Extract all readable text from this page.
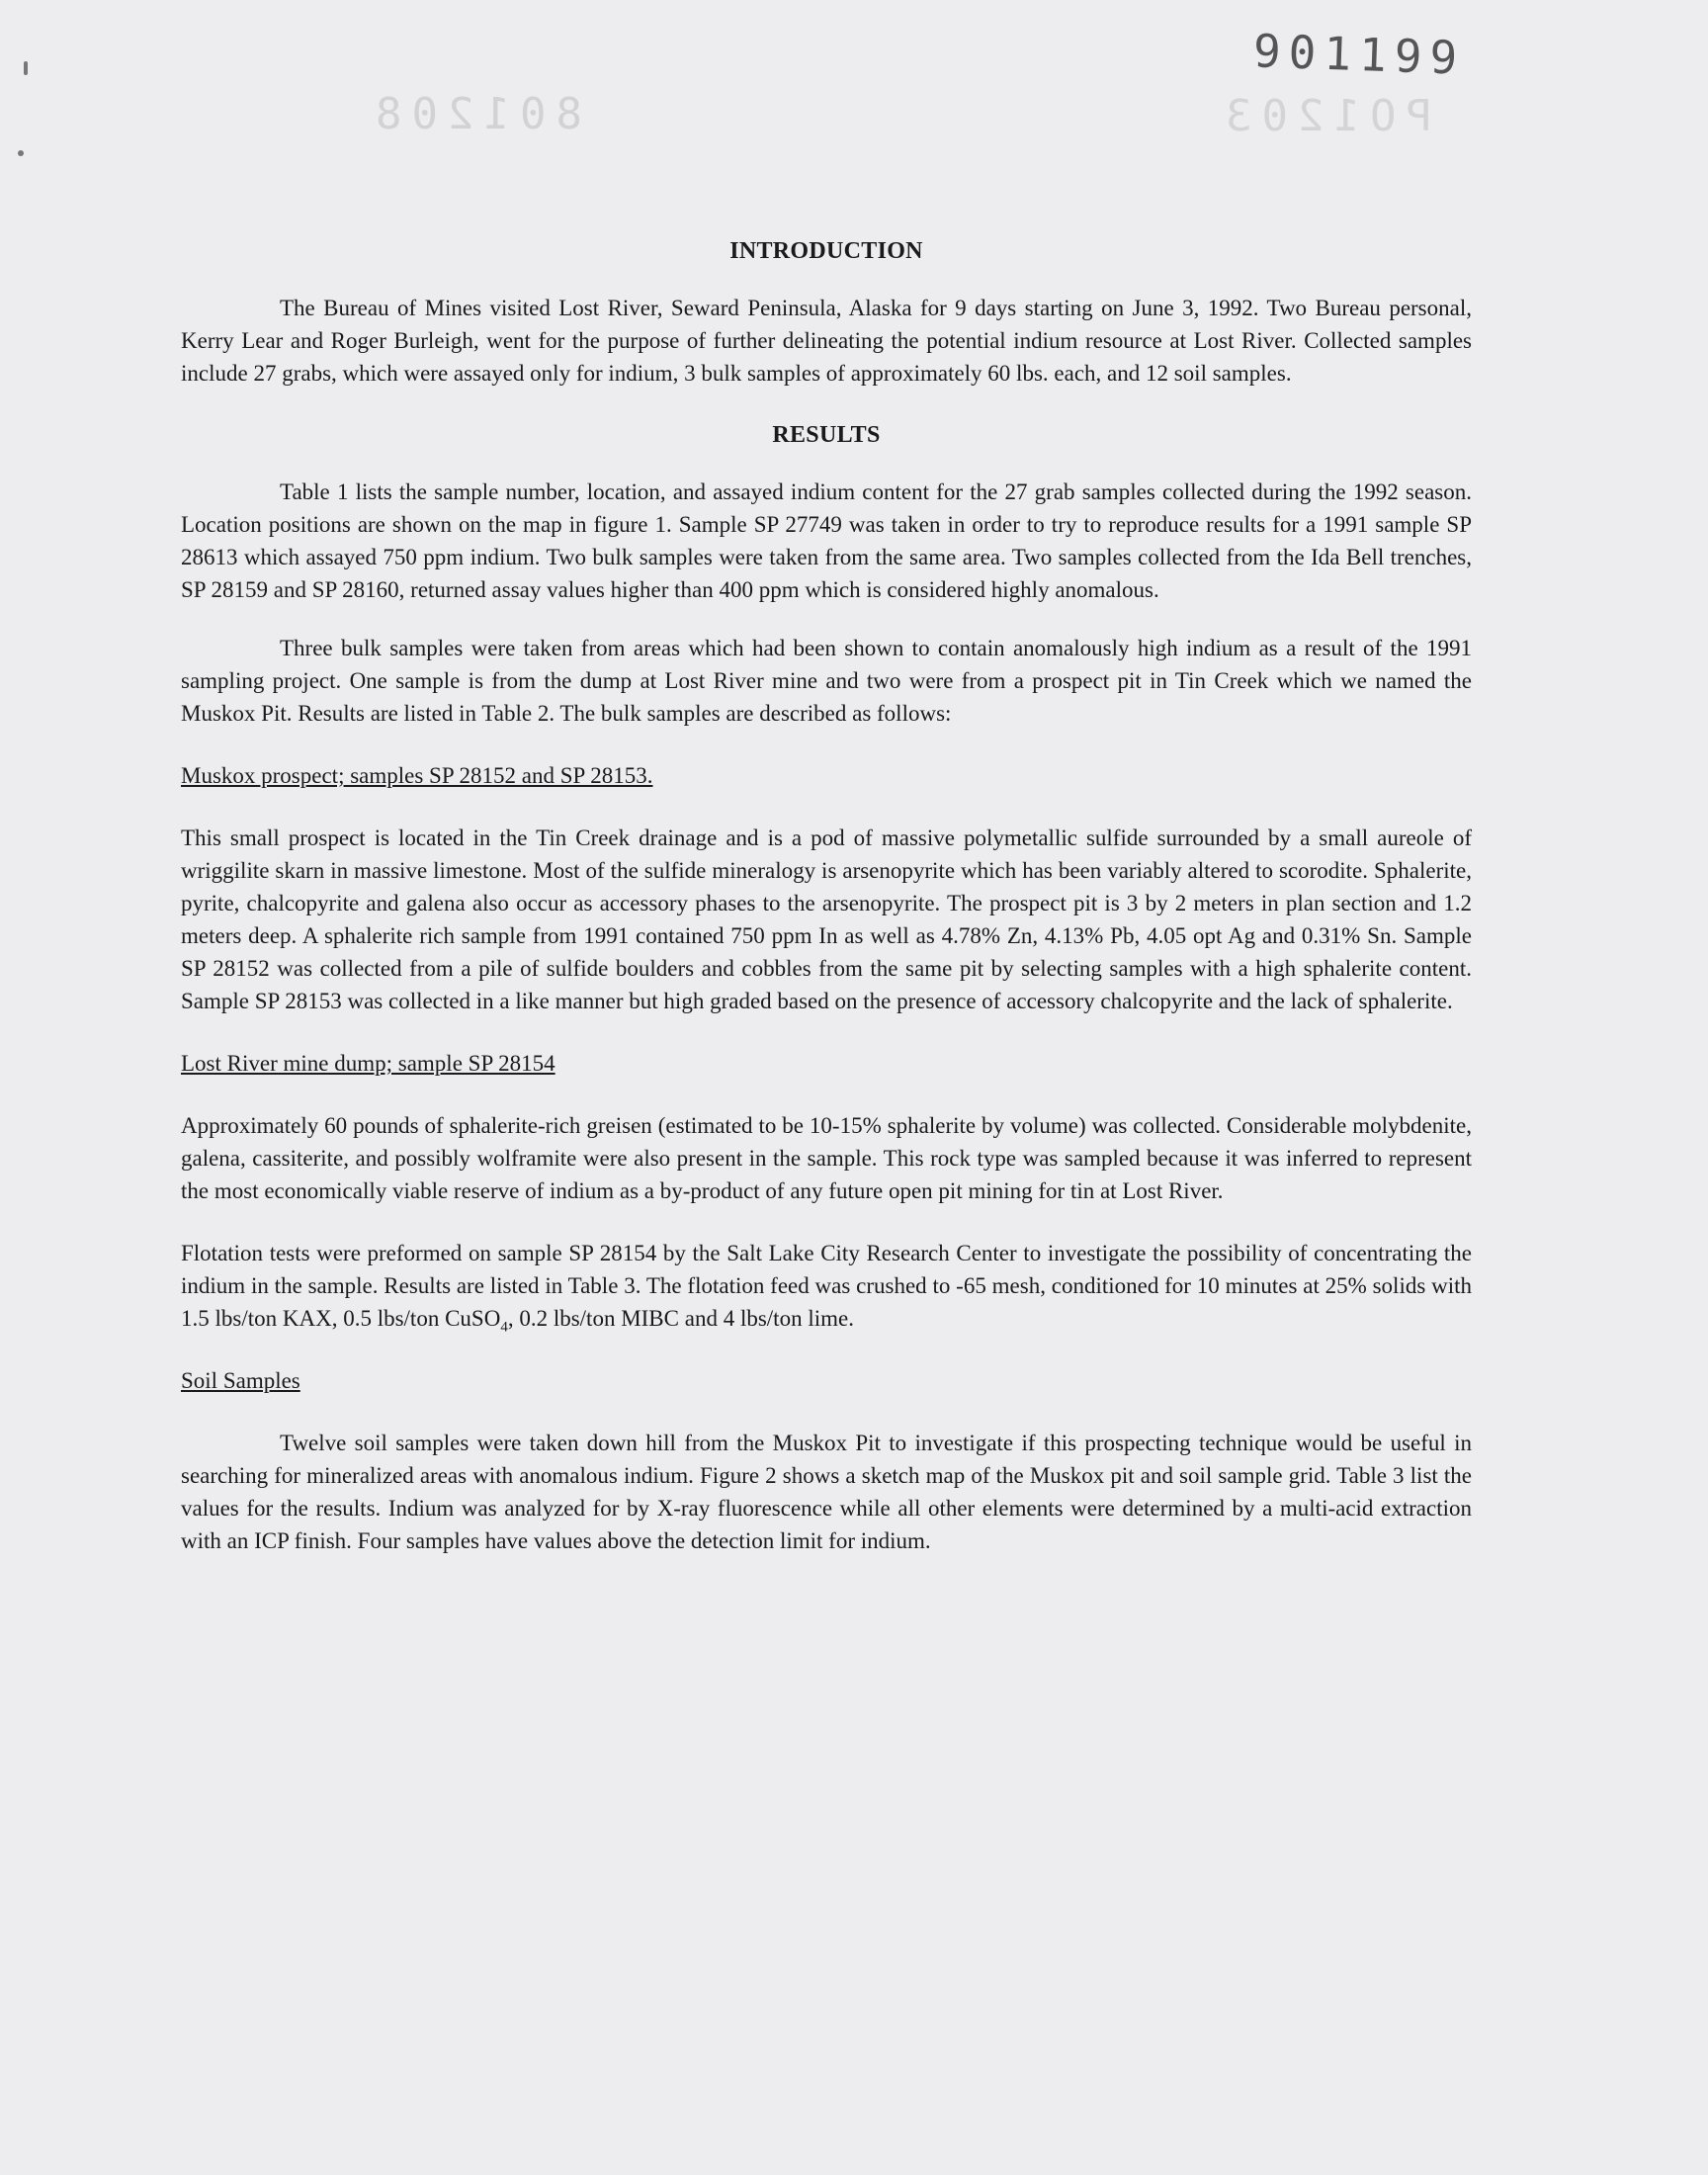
801208	PO1203
901199
INTRODUCTION

The Bureau of Mines visited Lost River, Seward Peninsula, Alaska for 9 days starting on June 3, 1992. Two Bureau personal, Kerry Lear and Roger Burleigh, went for the purpose of further delineating the potential indium resource at Lost River. Collected samples include 27 grabs, which were assayed only for indium, 3 bulk samples of approximately 60 lbs. each, and 12 soil samples.

RESULTS

Table 1 lists the sample number, location, and assayed indium content for the 27 grab samples collected during the 1992 season. Location positions are shown on the map in figure 1. Sample SP 27749 was taken in order to try to reproduce results for a 1991 sample SP 28613 which assayed 750 ppm indium. Two bulk samples were taken from the same area. Two samples collected from the Ida Bell trenches, SP 28159 and SP 28160, returned assay values higher than 400 ppm which is considered highly anomalous.

Three bulk samples were taken from areas which had been shown to contain anomalously high indium as a result of the 1991 sampling project. One sample is from the dump at Lost River mine and two were from a prospect pit in Tin Creek which we named the Muskox Pit. Results are listed in Table 2. The bulk samples are described as follows:

Muskox prospect; samples SP 28152 and SP 28153.

This small prospect is located in the Tin Creek drainage and is a pod of massive polymetallic sulfide surrounded by a small aureole of wriggilite skarn in massive limestone. Most of the sulfide mineralogy is arsenopyrite which has been variably altered to scorodite. Sphalerite, pyrite, chalcopyrite and galena also occur as accessory phases to the arsenopyrite. The prospect pit is 3 by 2 meters in plan section and 1.2 meters deep. A sphalerite rich sample from 1991 contained 750 ppm In as well as 4.78% Zn, 4.13% Pb, 4.05 opt Ag and 0.31% Sn. Sample SP 28152 was collected from a pile of sulfide boulders and cobbles from the same pit by selecting samples with a high sphalerite content. Sample SP 28153 was collected in a like manner but high graded based on the presence of accessory chalcopyrite and the lack of sphalerite.

Lost River mine dump; sample SP 28154

Approximately 60 pounds of sphalerite-rich greisen (estimated to be 10-15% sphalerite by volume) was collected. Considerable molybdenite, galena, cassiterite, and possibly wolframite were also present in the sample. This rock type was sampled because it was inferred to represent the most economically viable reserve of indium as a by-product of any future open pit mining for tin at Lost River.

Flotation tests were preformed on sample SP 28154 by the Salt Lake City Research Center to investigate the possibility of concentrating the indium in the sample. Results are listed in Table 3. The flotation feed was crushed to -65 mesh, conditioned for 10 minutes at 25% solids with 1.5 lbs/ton KAX, 0.5 lbs/ton CuSO$_4$, 0.2 lbs/ton MIBC and 4 lbs/ton lime.

Soil Samples

Twelve soil samples were taken down hill from the Muskox Pit to investigate if this prospecting technique would be useful in searching for mineralized areas with anomalous indium. Figure 2 shows a sketch map of the Muskox pit and soil sample grid. Table 3 list the values for the results. Indium was analyzed for by X-ray fluorescence while all other elements were determined by a multi-acid extraction with an ICP finish. Four samples have values above the detection limit for indium.
